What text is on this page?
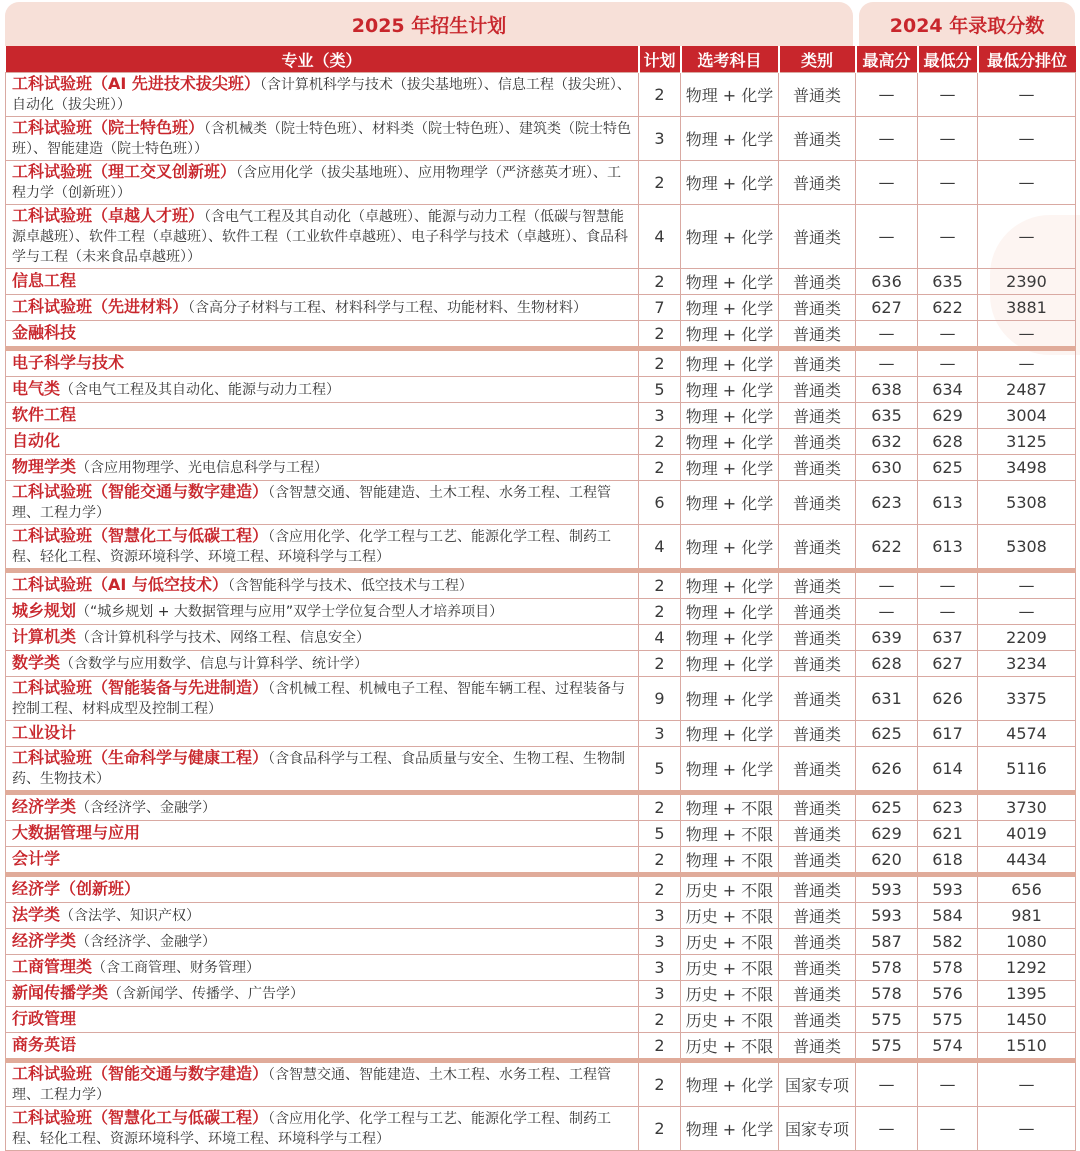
2025 年招生计划	2024 年录取分数
专业（类）	计划	选考科目	类别	最高分	最低分	最低分排位
工科试验班（AI 先进技术拔尖班）（含计算机科学与技术（拔尖基地班）、信息工程（拔尖班）、自动化（拔尖班））	2	物理 + 化学	普通类	—	—	—
工科试验班（院士特色班）（含机械类（院士特色班）、材料类（院士特色班）、建筑类（院士特色班）、智能建造（院士特色班））	3	物理 + 化学	普通类	—	—	—
工科试验班（理工交叉创新班）（含应用化学（拔尖基地班）、应用物理学（严济慈英才班）、工程力学（创新班））	2	物理 + 化学	普通类	—	—	—
工科试验班（卓越人才班）（含电气工程及其自动化（卓越班）、能源与动力工程（低碳与智慧能源卓越班）、软件工程（卓越班）、软件工程（工业软件卓越班）、电子科学与技术（卓越班）、食品科学与工程（未来食品卓越班））	4	物理 + 化学	普通类	—	—	—
信息工程	2	物理 + 化学	普通类	636	635	2390
工科试验班（先进材料）（含高分子材料与工程、材料科学与工程、功能材料、生物材料）	7	物理 + 化学	普通类	627	622	3881
金融科技	2	物理 + 化学	普通类	—	—	—
电子科学与技术	2	物理 + 化学	普通类	—	—	—
电气类（含电气工程及其自动化、能源与动力工程）	5	物理 + 化学	普通类	638	634	2487
软件工程	3	物理 + 化学	普通类	635	629	3004
自动化	2	物理 + 化学	普通类	632	628	3125
物理学类（含应用物理学、光电信息科学与工程）	2	物理 + 化学	普通类	630	625	3498
工科试验班（智能交通与数字建造）（含智慧交通、智能建造、土木工程、水务工程、工程管理、工程力学）	6	物理 + 化学	普通类	623	613	5308
工科试验班（智慧化工与低碳工程）（含应用化学、化学工程与工艺、能源化学工程、制药工程、轻化工程、资源环境科学、环境工程、环境科学与工程）	4	物理 + 化学	普通类	622	613	5308
工科试验班（AI 与低空技术）（含智能科学与技术、低空技术与工程）	2	物理 + 化学	普通类	—	—	—
城乡规划（“城乡规划 + 大数据管理与应用”双学士学位复合型人才培养项目）	2	物理 + 化学	普通类	—	—	—
计算机类（含计算机科学与技术、网络工程、信息安全）	4	物理 + 化学	普通类	639	637	2209
数学类（含数学与应用数学、信息与计算科学、统计学）	2	物理 + 化学	普通类	628	627	3234
工科试验班（智能装备与先进制造）（含机械工程、机械电子工程、智能车辆工程、过程装备与控制工程、材料成型及控制工程）	9	物理 + 化学	普通类	631	626	3375
工业设计	3	物理 + 化学	普通类	625	617	4574
工科试验班（生命科学与健康工程）（含食品科学与工程、食品质量与安全、生物工程、生物制药、生物技术）	5	物理 + 化学	普通类	626	614	5116
经济学类（含经济学、金融学）	2	物理 + 不限	普通类	625	623	3730
大数据管理与应用	5	物理 + 不限	普通类	629	621	4019
会计学	2	物理 + 不限	普通类	620	618	4434
经济学（创新班）	2	历史 + 不限	普通类	593	593	656
法学类（含法学、知识产权）	3	历史 + 不限	普通类	593	584	981
经济学类（含经济学、金融学）	3	历史 + 不限	普通类	587	582	1080
工商管理类（含工商管理、财务管理）	3	历史 + 不限	普通类	578	578	1292
新闻传播学类（含新闻学、传播学、广告学）	3	历史 + 不限	普通类	578	576	1395
行政管理	2	历史 + 不限	普通类	575	575	1450
商务英语	2	历史 + 不限	普通类	575	574	1510
工科试验班（智能交通与数字建造）（含智慧交通、智能建造、土木工程、水务工程、工程管理、工程力学）	2	物理 + 化学	国家专项	—	—	—
工科试验班（智慧化工与低碳工程）（含应用化学、化学工程与工艺、能源化学工程、制药工程、轻化工程、资源环境科学、环境工程、环境科学与工程）	2	物理 + 化学	国家专项	—	—	—
